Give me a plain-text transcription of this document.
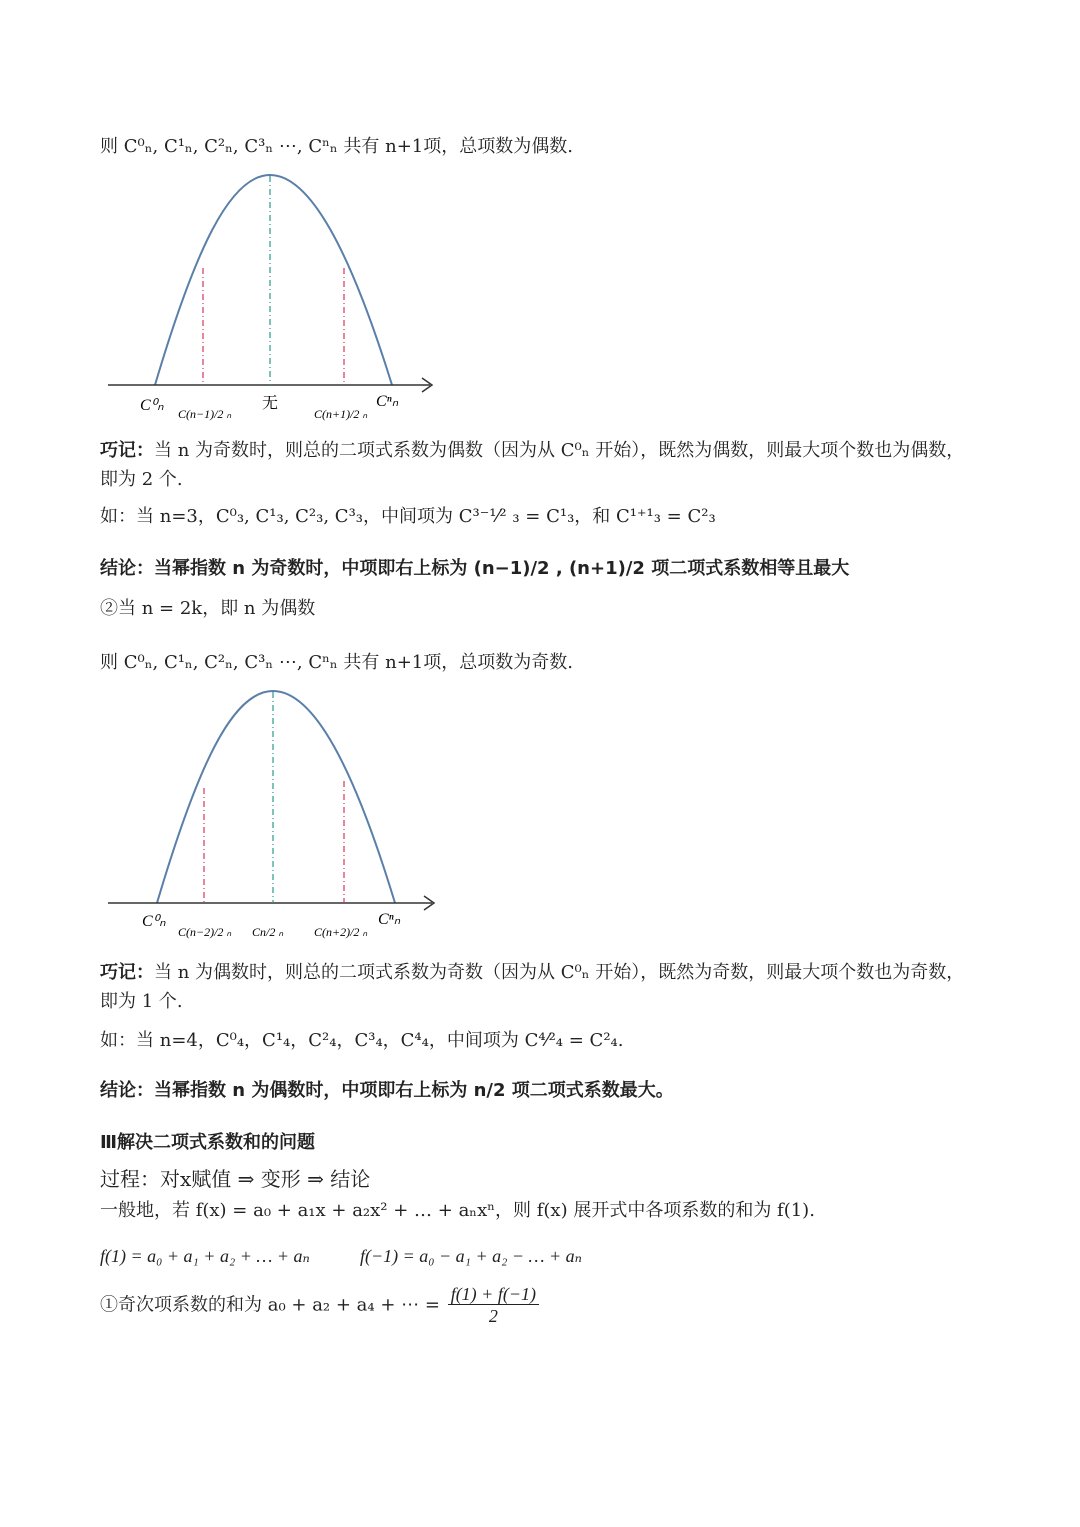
则 C⁰ₙ, C¹ₙ, C²ₙ, C³ₙ ⋯, Cⁿₙ 共有 n+1项，总项数为偶数.
C⁰ₙ C(n−1)/2 ₙ
无
C(n+1)/2 ₙ
Cⁿₙ
巧记：当 n 为奇数时，则总的二项式系数为偶数（因为从 C⁰ₙ 开始），既然为偶数，则最大项个数也为偶数，
即为 2 个.
如：当 n=3，C⁰₃, C¹₃, C²₃, C³₃，中间项为 C³⁻¹⁄² ₃ = C¹₃，和 C¹⁺¹₃ = C²₃
结论：当幂指数 n 为奇数时，中项即右上标为 (n−1)/2 , (n+1)/2 项二项式系数相等且最大
②当 n = 2k，即 n 为偶数
则 C⁰ₙ, C¹ₙ, C²ₙ, C³ₙ ⋯, Cⁿₙ 共有 n+1项，总项数为奇数.
C⁰ₙ
C(n−2)/2 ₙ Cn/2 ₙ	C(n+2)/2 ₙ
Cⁿₙ
巧记：当 n 为偶数时，则总的二项式系数为奇数（因为从 C⁰ₙ 开始），既然为奇数，则最大项个数也为奇数，
即为 1 个.
如：当 n=4，C⁰₄，C¹₄，C²₄，C³₄，C⁴₄，中间项为 C⁴⁄²₄ = C²₄.
结论：当幂指数 n 为偶数时，中项即右上标为 n/2 项二项式系数最大。
Ⅲ解决二项式系数和的问题
过程：对x赋值 ⇒ 变形 ⇒ 结论
一般地，若 f(x) = a₀ + a₁x + a₂x² + … + aₙxⁿ，则 f(x) 展开式中各项系数的和为 f(1).
f(1) = a₀ + a₁ + a₂ + … + aₙ	f(−1) = a₀ − a₁ + a₂ − … + aₙ
①奇次项系数的和为 a₀ + a₂ + a₄ + ⋯ = $\frac{f(1) + f(-1)}{2}$
